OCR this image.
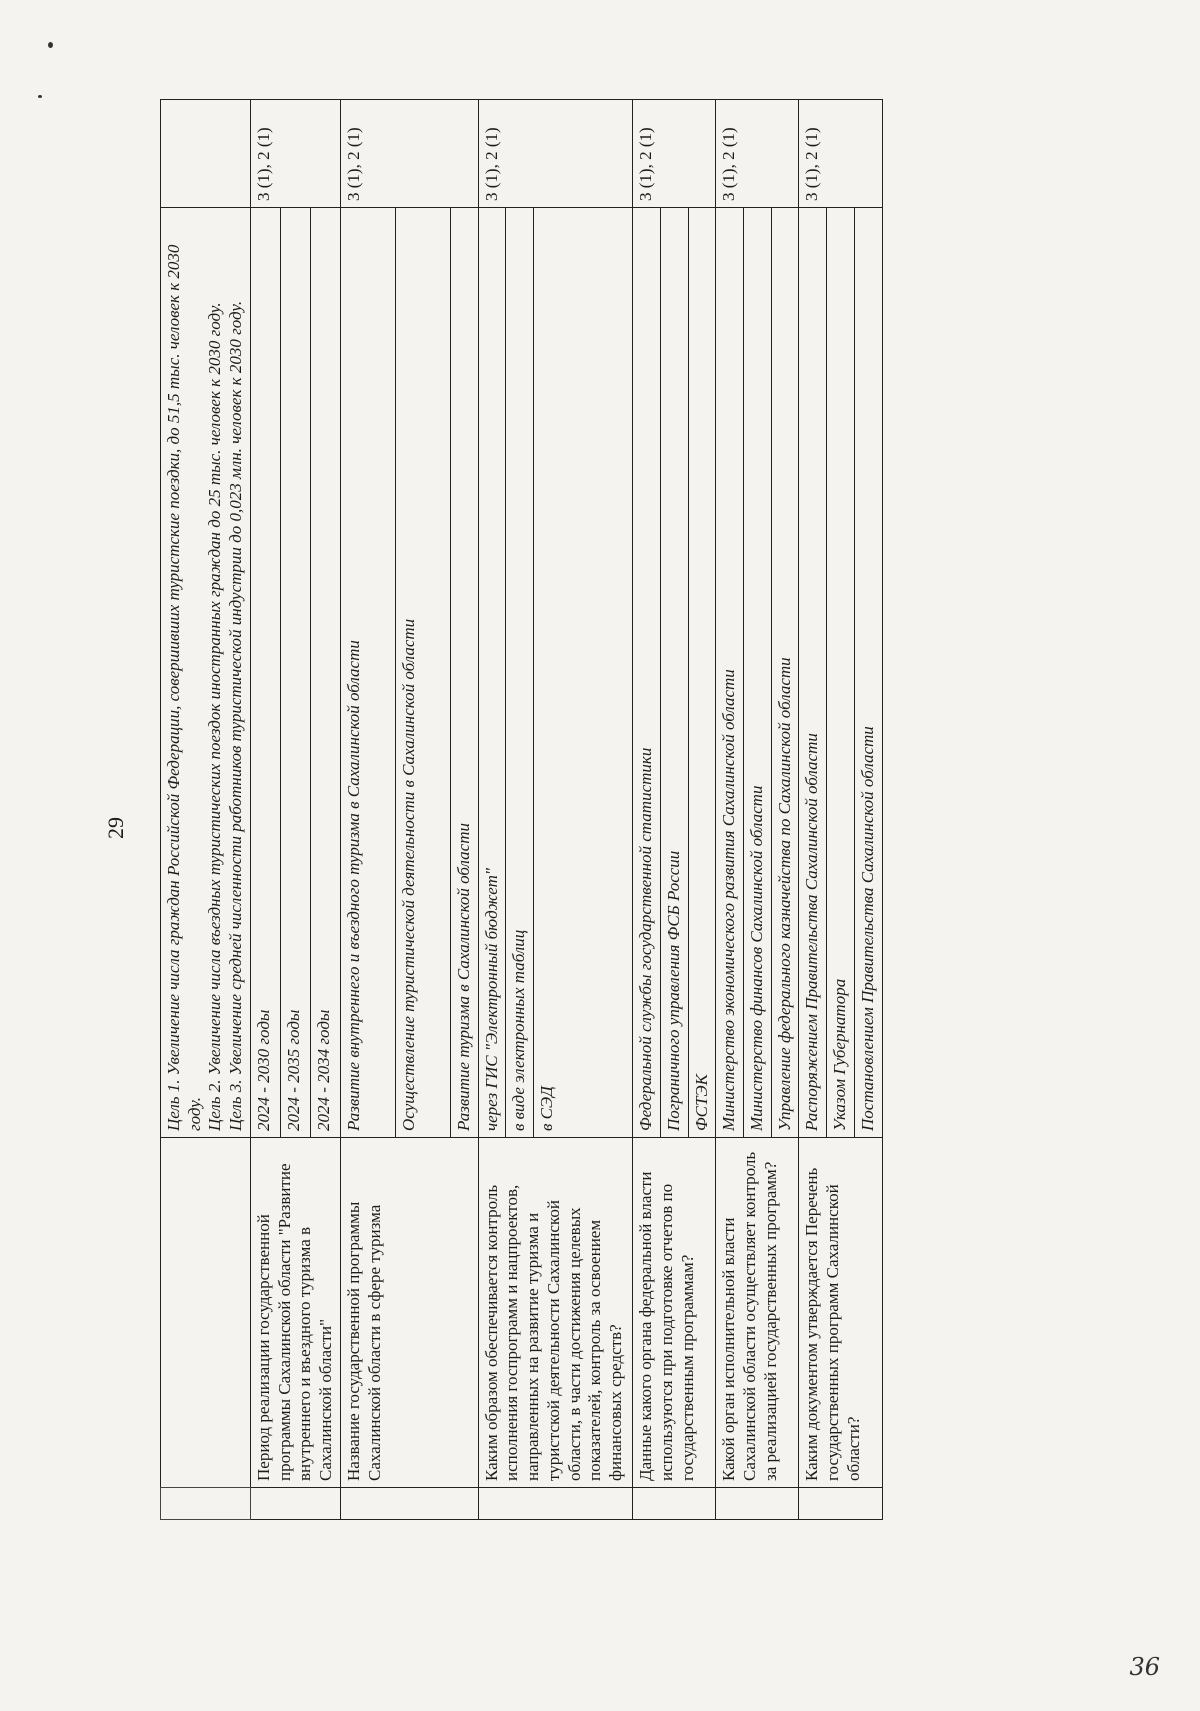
29

		Цель 1. Увеличение числа граждан Российской Федерации, совершивших туристские поездки, до 51,5 тыс. человек к 2030 году. Цель 2. Увеличение числа въездных туристических поездок иностранных граждан до 25 тыс. человек к 2030 году. Цель 3. Увеличение средней численности работников туристической индустрии до 0,023 млн. человек к 2030 году.	

	Период реализации государственной программы Сахалинской области "Развитие внутреннего и въездного туризма в Сахалинской области"	2024 - 2030 годы	3 (1), 2 (1)
		2024 - 2035 годы	
		2024 - 2034 годы	
	Название государственной программы Сахалинской области в сфере туризма	Развитие внутреннего и въездного туризма в Сахалинской области	3 (1), 2 (1)
		Осуществление туристической деятельности в Сахалинской области	
		Развитие туризма в Сахалинской области	
	Каким образом обеспечивается контроль исполнения госпрограмм и нацпроектов, направленных на развитие туризма и туристской деятельности Сахалинской области, в части достижения целевых показателей, контроль за освоением финансовых средств?	через ГИС "Электронный бюджет"	3 (1), 2 (1)
		в виде электронных таблиц	
		в СЭД	
	Данные какого органа федеральной власти используются при подготовке отчетов по государственным программам?	Федеральной службы государственной статистики	3 (1), 2 (1)
		Пограничного управления ФСБ России	
		ФСТЭК	
	Какой орган исполнительной власти Сахалинской области осуществляет контроль за реализацией государственных программ?	Министерство экономического развития Сахалинской области	3 (1), 2 (1)
		Министерство финансов Сахалинской области	
		Управление федерального казначейства по Сахалинской области	
	Каким документом утверждается Перечень государственных программ Сахалинской области?	Распоряжением Правительства Сахалинской области	3 (1), 2 (1)
		Указом Губернатора	
		Постановлением Правительства Сахалинской области	
36
